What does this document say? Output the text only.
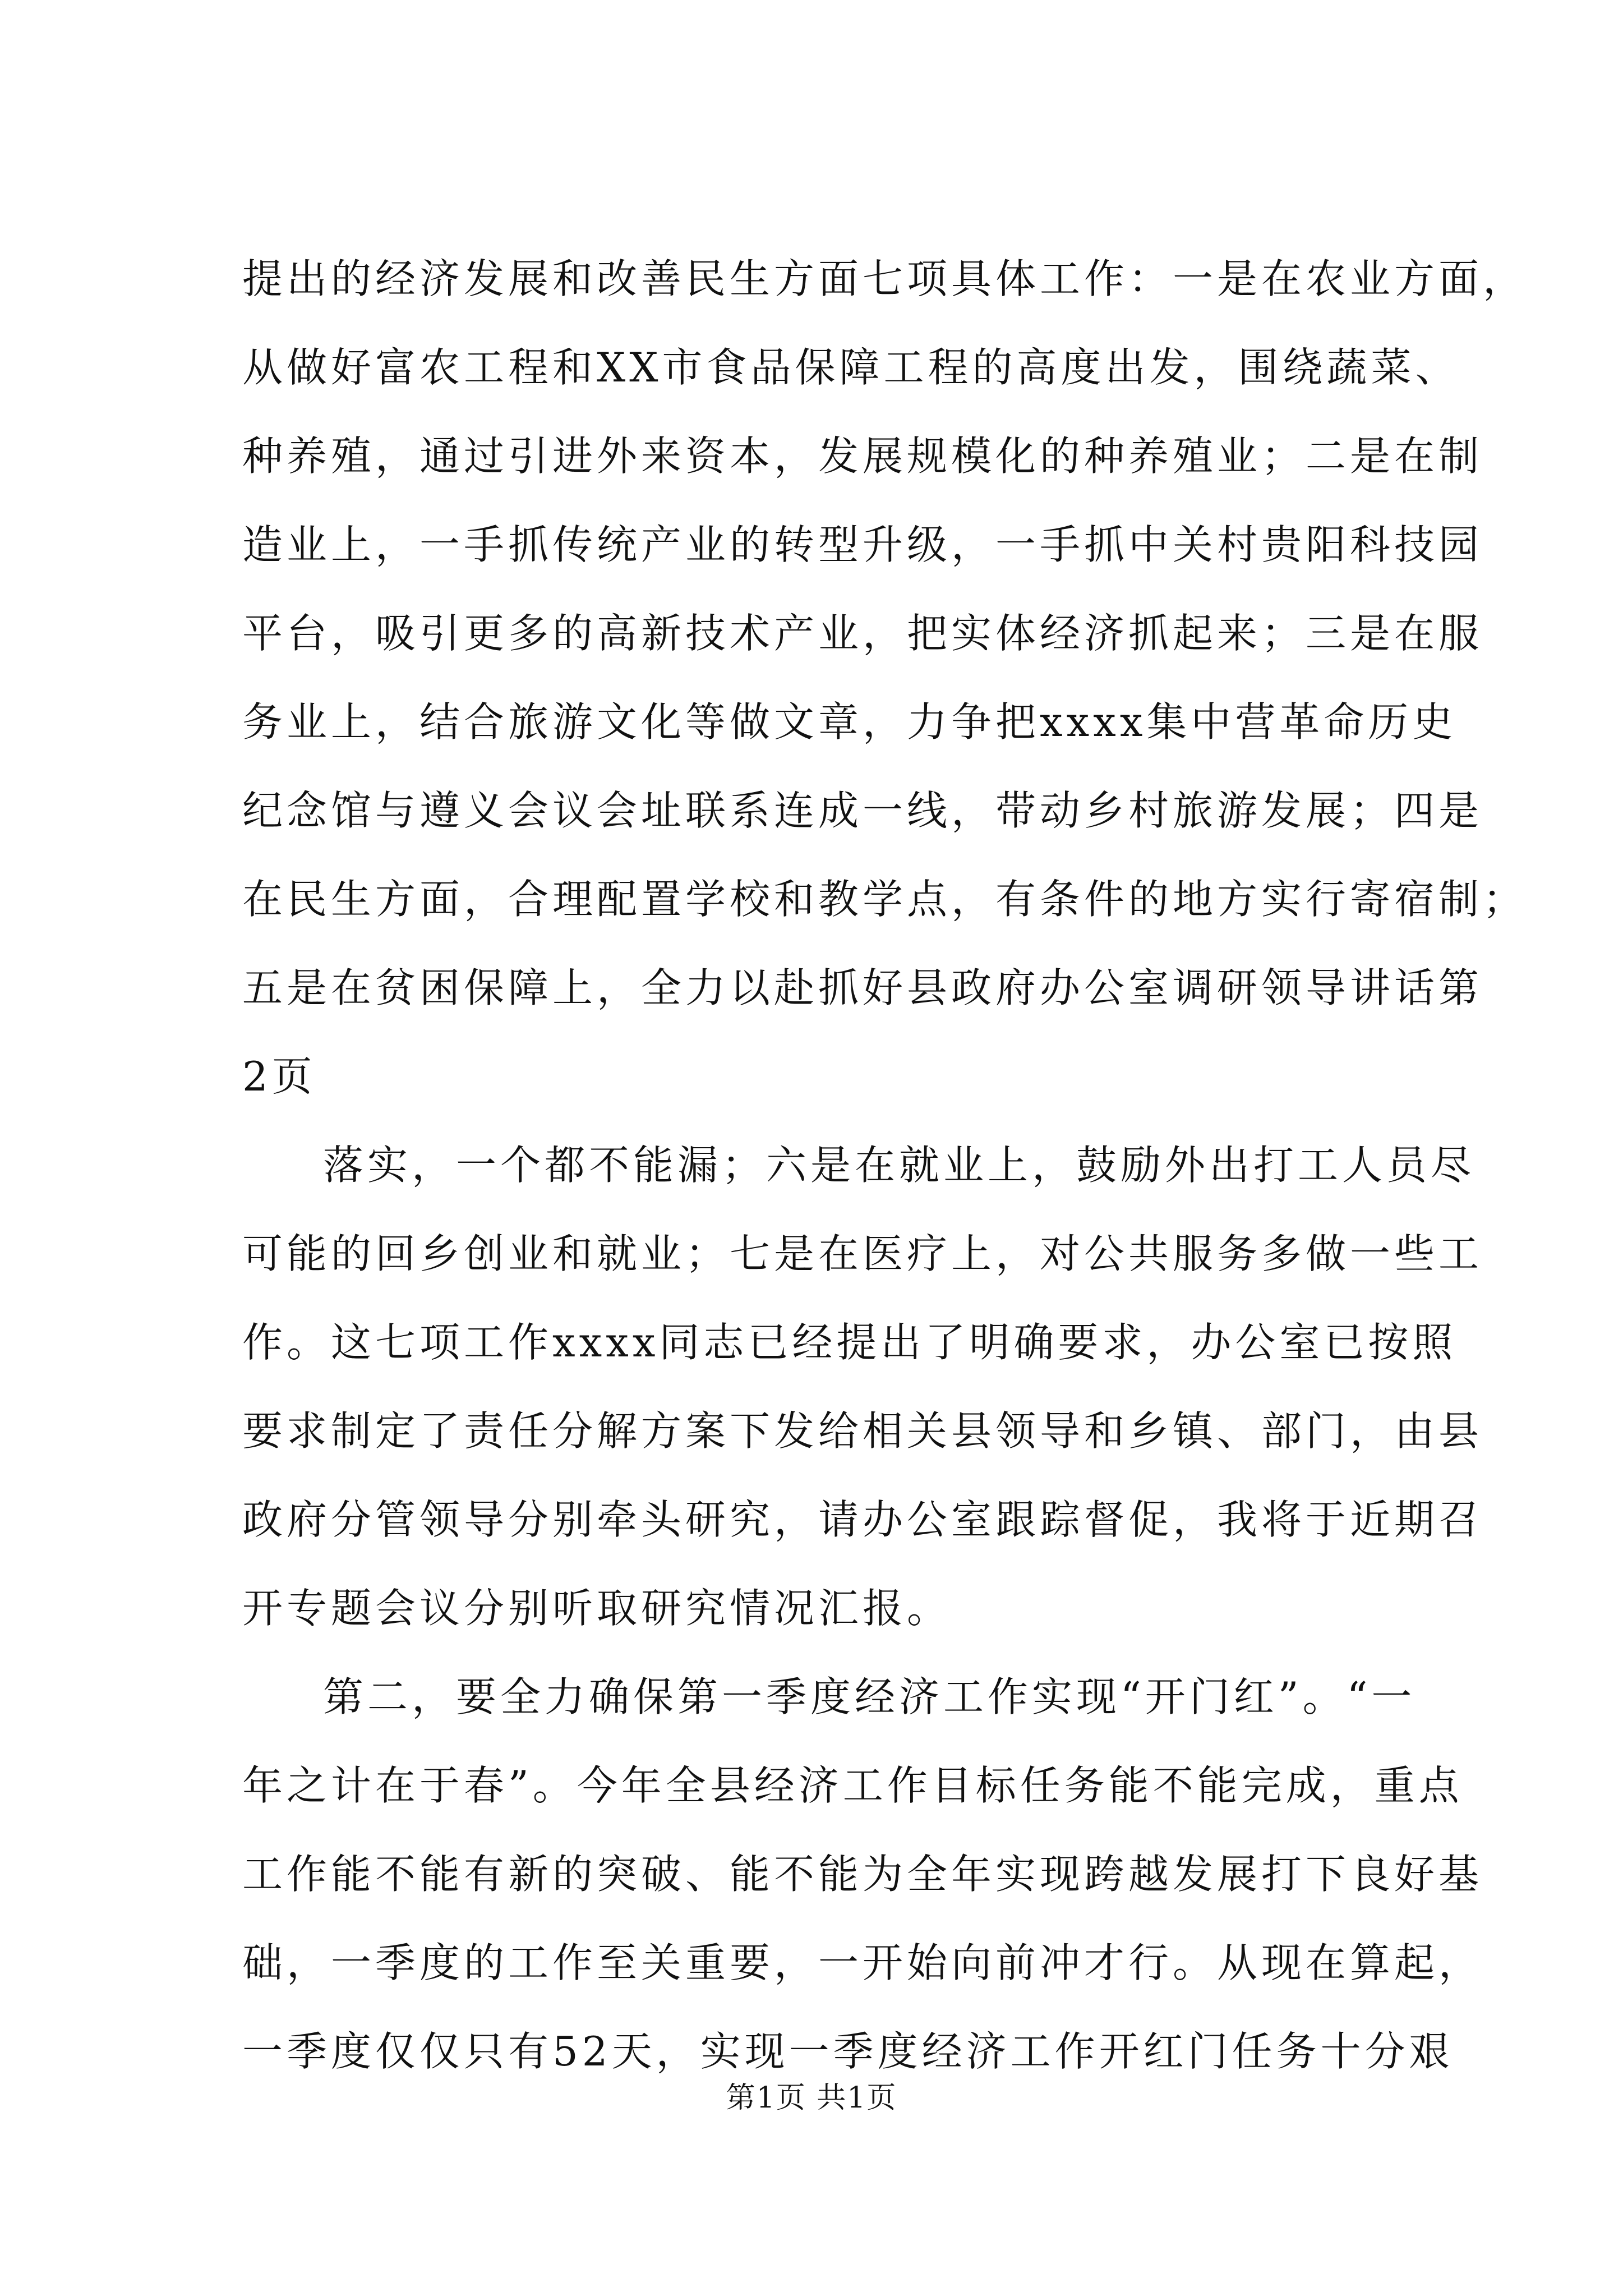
提出的经济发展和改善民生方面七项具体工作：一是在农业方面，
从做好富农工程和XX市食品保障工程的高度出发，围绕蔬菜、
种养殖，通过引进外来资本，发展规模化的种养殖业；二是在制
造业上，一手抓传统产业的转型升级，一手抓中关村贵阳科技园
平台，吸引更多的高新技术产业，把实体经济抓起来；三是在服
务业上，结合旅游文化等做文章，力争把xxxx集中营革命历史
纪念馆与遵义会议会址联系连成一线，带动乡村旅游发展；四是
在民生方面，合理配置学校和教学点，有条件的地方实行寄宿制；
五是在贫困保障上，全力以赴抓好县政府办公室调研领导讲话第
2页
落实，一个都不能漏；六是在就业上，鼓励外出打工人员尽
可能的回乡创业和就业；七是在医疗上，对公共服务多做一些工
作。这七项工作xxxx同志已经提出了明确要求，办公室已按照
要求制定了责任分解方案下发给相关县领导和乡镇、部门，由县
政府分管领导分别牵头研究，请办公室跟踪督促，我将于近期召
开专题会议分别听取研究情况汇报。
第二，要全力确保第一季度经济工作实现“开门红”。“一
年之计在于春”。今年全县经济工作目标任务能不能完成，重点
工作能不能有新的突破、能不能为全年实现跨越发展打下良好基
础，一季度的工作至关重要，一开始向前冲才行。从现在算起，
一季度仅仅只有52天，实现一季度经济工作开红门任务十分艰
第1页 共1页
